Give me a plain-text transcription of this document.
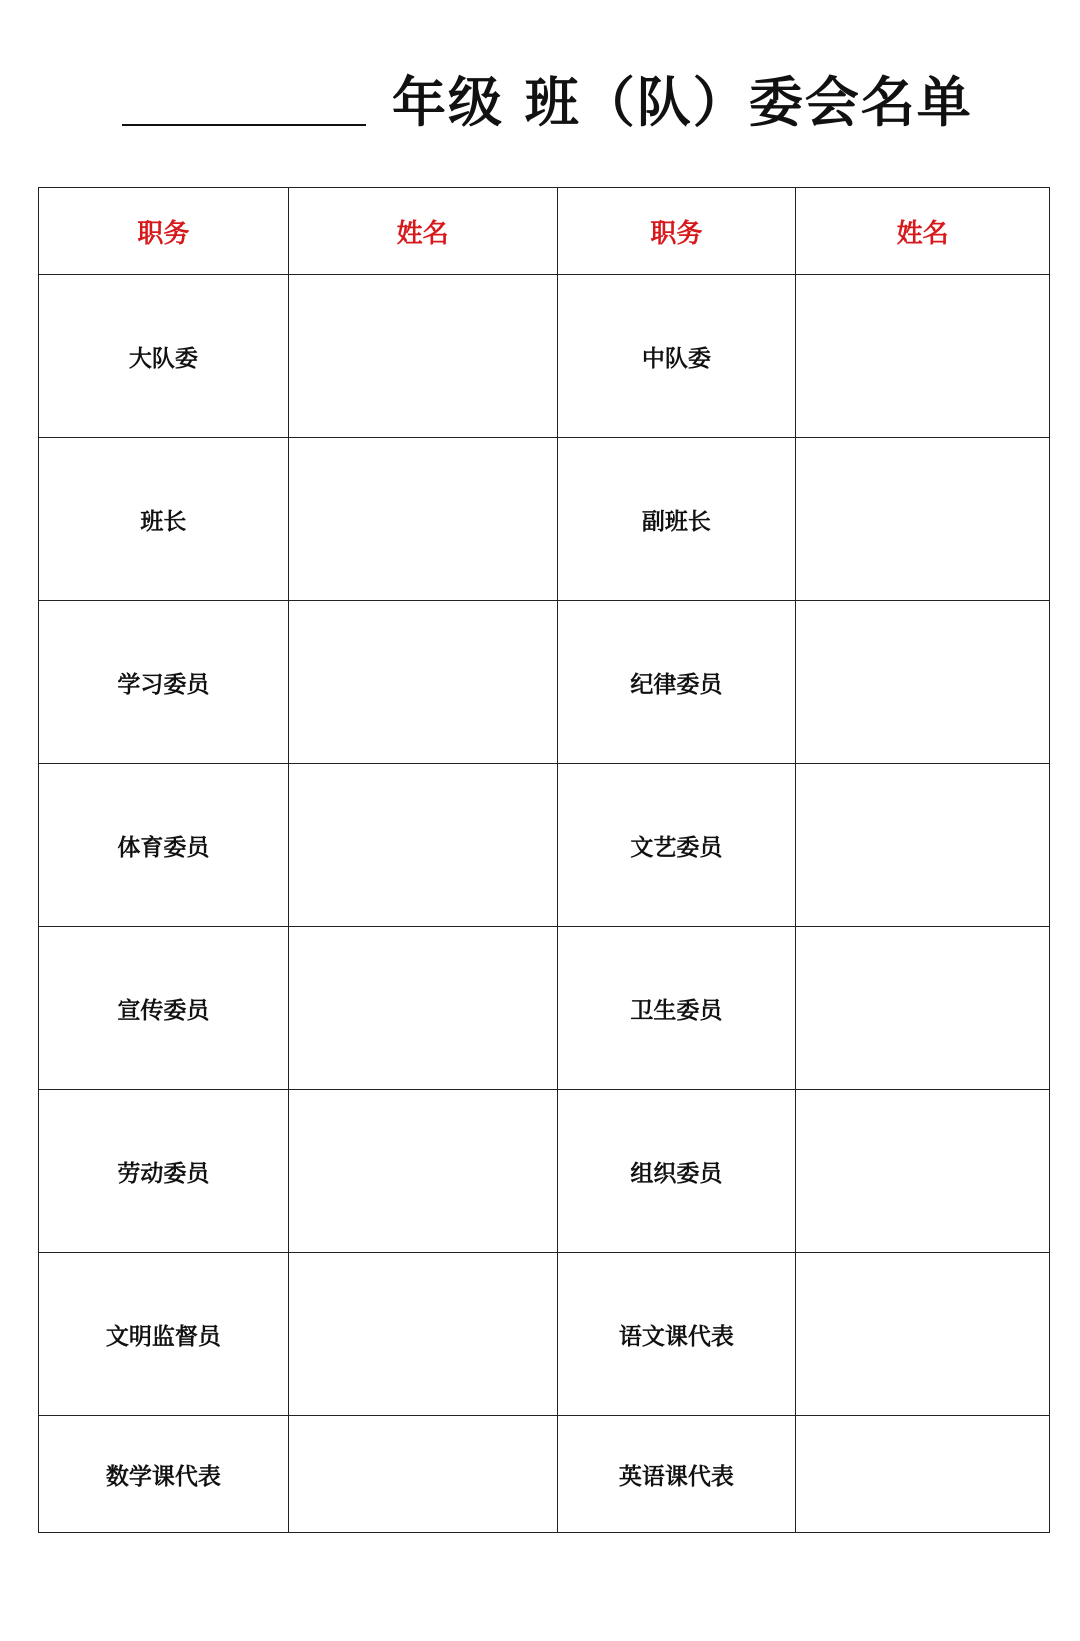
年级 班（队）委会名单
职务	姓名	职务	姓名
大队委		中队委	
班长		副班长	
学习委员		纪律委员	
体育委员		文艺委员	
宣传委员		卫生委员	
劳动委员		组织委员	
文明监督员		语文课代表	
数学课代表		英语课代表	
